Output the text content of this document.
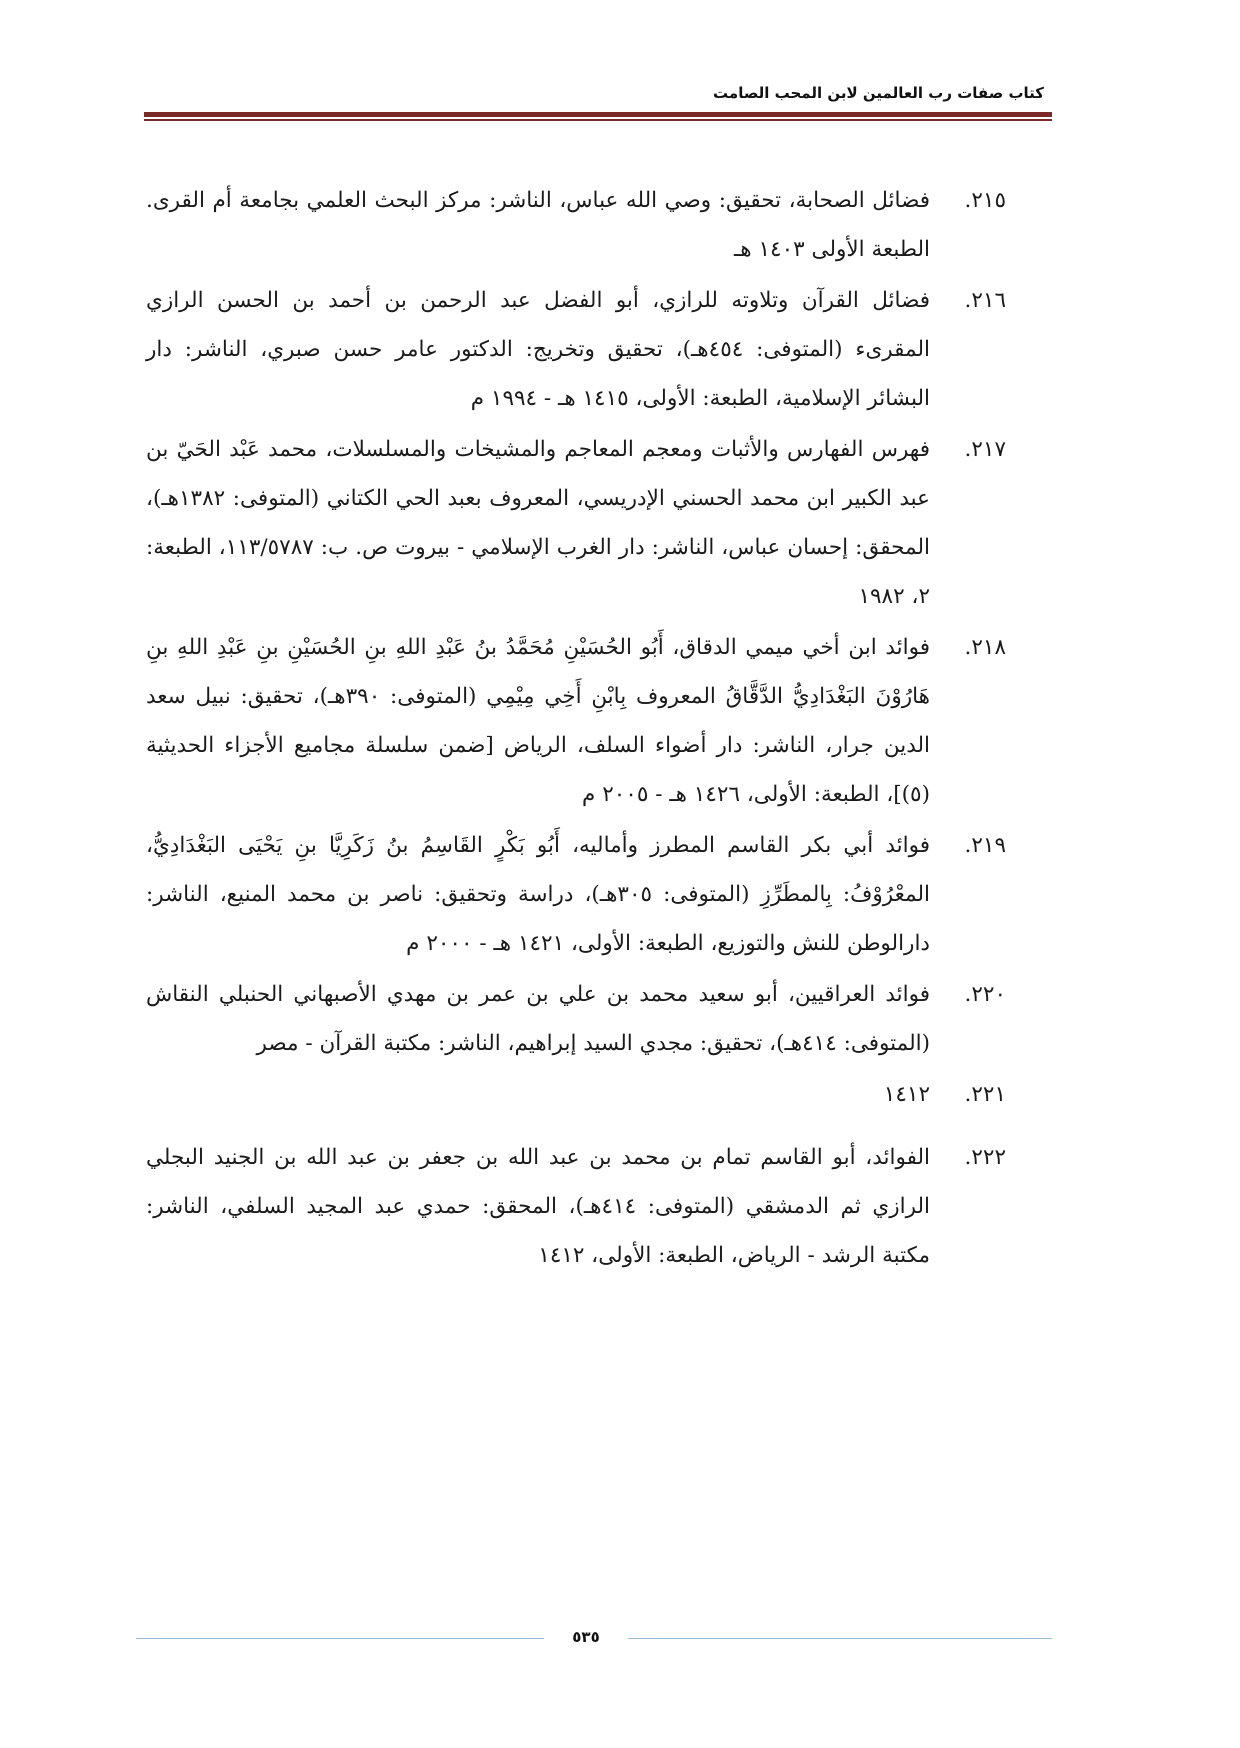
كتاب صفات رب العالمين لابن المحب الصامت
٢١٥.
فضائل الصحابة، تحقيق: وصي الله عباس، الناشر: مركز البحث العلمي بجامعة أم القرى. الطبعة الأولى ١٤٠٣ هـ
٢١٦.
فضائل القرآن وتلاوته للرازي، أبو الفضل عبد الرحمن بن أحمد بن الحسن الرازي المقرىء (المتوفى: ٤٥٤هـ)، تحقيق وتخريج: الدكتور عامر حسن صبري، الناشر: دار البشائر الإسلامية، الطبعة: الأولى، ١٤١٥ هـ - ١٩٩٤ م
٢١٧.
فهرس الفهارس والأثبات ومعجم المعاجم والمشيخات والمسلسلات، محمد عَبْد الحَيّ بن عبد الكبير ابن محمد الحسني الإدريسي، المعروف بعبد الحي الكتاني (المتوفى: ١٣٨٢هـ)، المحقق: إحسان عباس، الناشر: دار الغرب الإسلامي - بيروت ص. ب: ١١٣/٥٧٨٧، الطبعة: ٢، ١٩٨٢
٢١٨.
فوائد ابن أخي ميمي الدقاق، أَبُو الحُسَيْنِ مُحَمَّدُ بنُ عَبْدِ اللهِ بنِ الحُسَيْنِ بنِ عَبْدِ اللهِ بنِ هَارُوْنَ البَغْدَادِيُّ الدَّقَّاقُ المعروف بِابْنِ أَخِي مِيْمِي (المتوفى: ٣٩٠هـ)، تحقيق: نبيل سعد الدين جرار، الناشر: دار أضواء السلف، الرياض [ضمن سلسلة مجاميع الأجزاء الحديثية (٥)]، الطبعة: الأولى، ١٤٢٦ هـ - ٢٠٠٥ م
٢١٩.
فوائد أبي بكر القاسم المطرز وأماليه، أَبُو بَكْرٍ القَاسِمُ بنُ زَكَرِيَّا بنِ يَحْيَى البَغْدَادِيُّ، المعْرُوْفُ: بِالمطَرِّزِ (المتوفى: ٣٠٥هـ)، دراسة وتحقيق: ناصر بن محمد المنيع، الناشر: دارالوطن للنش والتوزيع، الطبعة: الأولى، ١٤٢١ هـ - ٢٠٠٠ م
٢٢٠.
فوائد العراقيين، أبو سعيد محمد بن علي بن عمر بن مهدي الأصبهاني الحنبلي النقاش (المتوفى: ٤١٤هـ)، تحقيق: مجدي السيد إبراهيم، الناشر: مكتبة القرآن - مصر
٢٢١.
١٤١٢
٢٢٢.
الفوائد، أبو القاسم تمام بن محمد بن عبد الله بن جعفر بن عبد الله بن الجنيد البجلي الرازي ثم الدمشقي (المتوفى: ٤١٤هـ)، المحقق: حمدي عبد المجيد السلفي، الناشر: مكتبة الرشد - الرياض، الطبعة: الأولى، ١٤١٢
٥٣٥
